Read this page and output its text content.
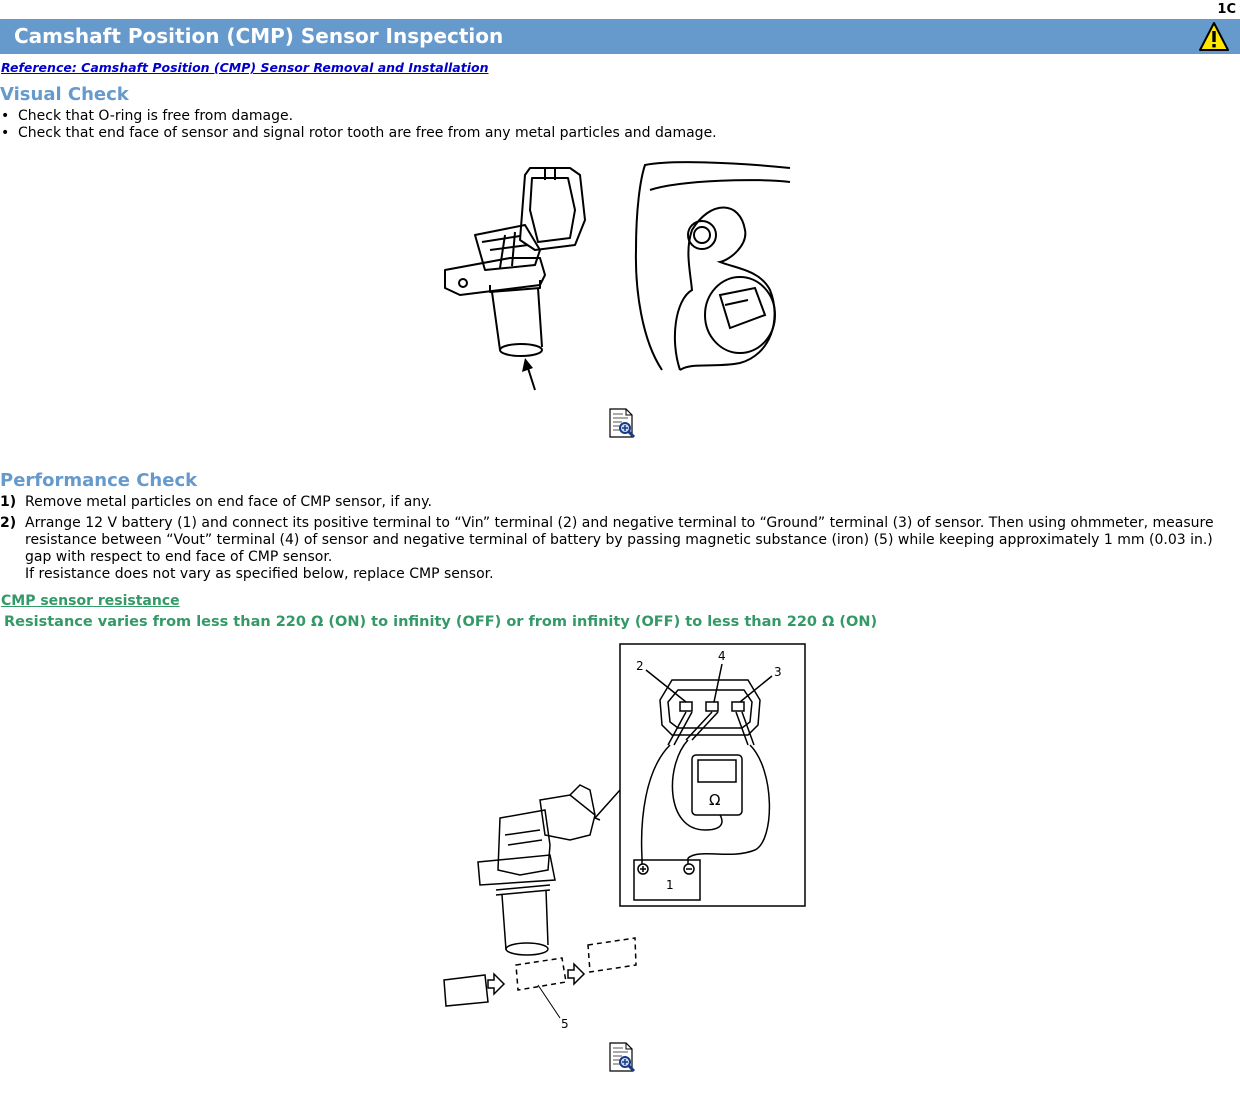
1C
Camshaft Position (CMP) Sensor Inspection
Reference: Camshaft Position (CMP) Sensor Removal and Installation
Visual Check
• Check that O-ring is free from damage.
• Check that end face of sensor and signal rotor tooth are free from any metal particles and damage.
Performance Check
1) Remove metal particles on end face of CMP sensor, if any.
2) Arrange 12 V battery (1) and connect its positive terminal to “Vin” terminal (2) and negative terminal to “Ground” terminal (3) of sensor. Then using ohmmeter, measure resistance between “Vout” terminal (4) of sensor and negative terminal of battery by passing magnetic substance (iron) (5) while keeping approximately 1 mm (0.03 in.) gap with respect to end face of CMP sensor.
If resistance does not vary as specified below, replace CMP sensor.
CMP sensor resistance
Resistance varies from less than 220 Ω (ON) to infinity (OFF) or from infinity (OFF) to less than 220 Ω (ON)
2
4
3
1
5
Ω
